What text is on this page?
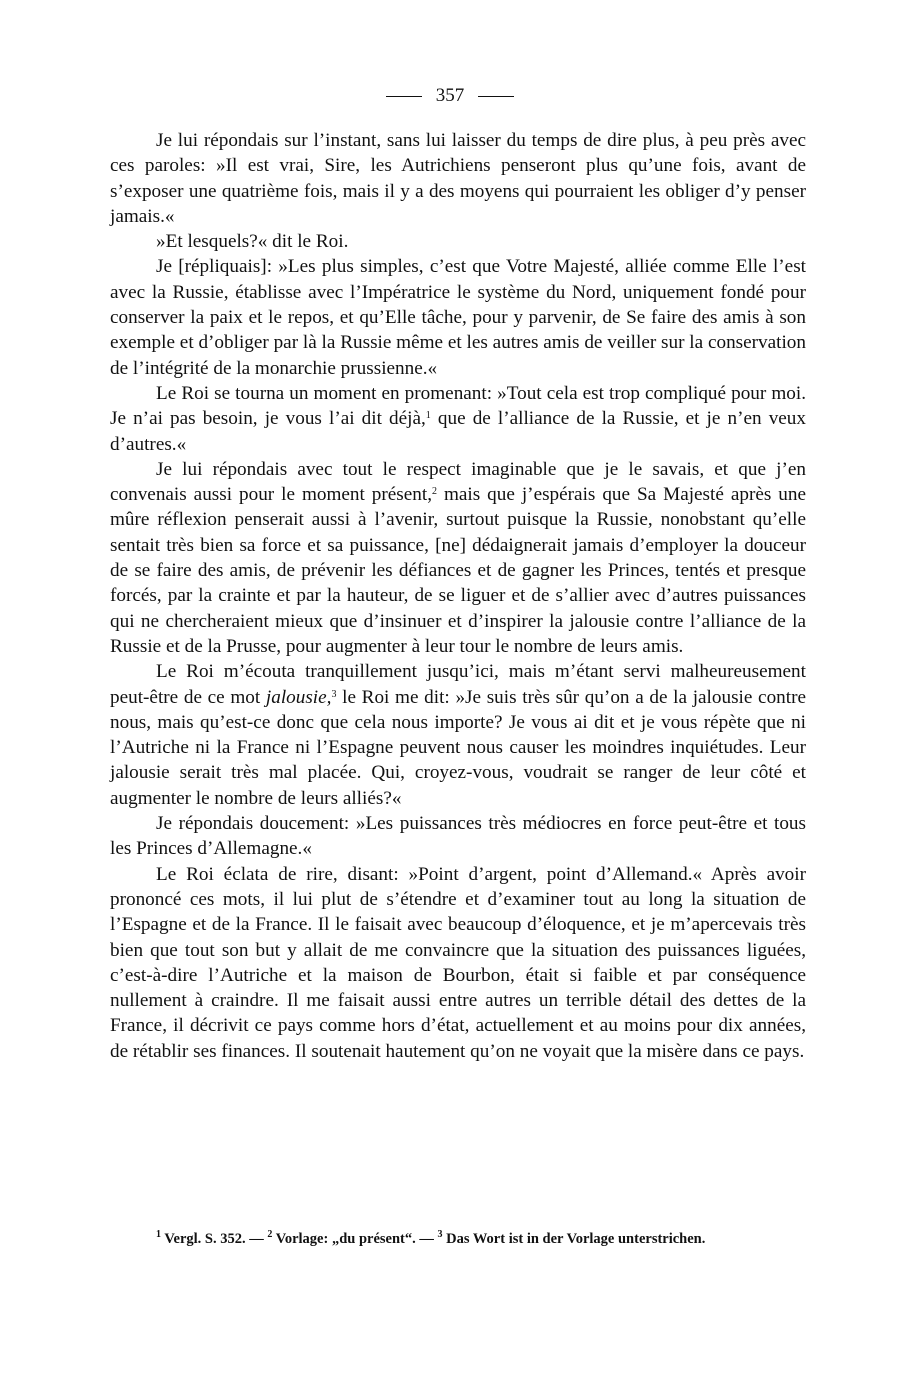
357

Je lui répondais sur l’instant, sans lui laisser du temps de dire plus, à peu près avec ces paroles: »Il est vrai, Sire, les Autrichiens penseront plus qu’une fois, avant de s’exposer une quatrième fois, mais il y a des moyens qui pourraient les obliger d’y penser jamais.«

»Et lesquels?« dit le Roi.

Je [répliquais]: »Les plus simples, c’est que Votre Majesté, alliée comme Elle l’est avec la Russie, établisse avec l’Impératrice le système du Nord, uniquement fondé pour conserver la paix et le repos, et qu’Elle tâche, pour y parvenir, de Se faire des amis à son exemple et d’obliger par là la Russie même et les autres amis de veiller sur la conservation de l’intégrité de la monarchie prussienne.«

Le Roi se tourna un moment en promenant: »Tout cela est trop compliqué pour moi. Je n’ai pas besoin, je vous l’ai dit déjà,$^1$ que de l’alliance de la Russie, et je n’en veux d’autres.«

Je lui répondais avec tout le respect imaginable que je le savais, et que j’en convenais aussi pour le moment présent,$^2$ mais que j’espérais que Sa Majesté après une mûre réflexion penserait aussi à l’avenir, surtout puisque la Russie, nonobstant qu’elle sentait très bien sa force et sa puissance, [ne] dédaignerait jamais d’employer la douceur de se faire des amis, de prévenir les défiances et de gagner les Princes, tentés et presque forcés, par la crainte et par la hauteur, de se liguer et de s’allier avec d’autres puissances qui ne chercheraient mieux que d’insinuer et d’inspirer la jalousie contre l’alliance de la Russie et de la Prusse, pour augmenter à leur tour le nombre de leurs amis.

Le Roi m’écouta tranquillement jusqu’ici, mais m’étant servi malheureusement peut-être de ce mot jalousie,$^3$ le Roi me dit: »Je suis très sûr qu’on a de la jalousie contre nous, mais qu’est-ce donc que cela nous importe? Je vous ai dit et je vous répète que ni l’Autriche ni la France ni l’Espagne peuvent nous causer les moindres inquiétudes. Leur jalousie serait très mal placée. Qui, croyez-vous, voudrait se ranger de leur côté et augmenter le nombre de leurs alliés?«

Je répondais doucement: »Les puissances très médiocres en force peut-être et tous les Princes d’Allemagne.«

Le Roi éclata de rire, disant: »Point d’argent, point d’Allemand.« Après avoir prononcé ces mots, il lui plut de s’étendre et d’examiner tout au long la situation de l’Espagne et de la France. Il le faisait avec beaucoup d’éloquence, et je m’apercevais très bien que tout son but y allait de me convaincre que la situation des puissances liguées, c’est-à-dire l’Autriche et la maison de Bourbon, était si faible et par conséquence nullement à craindre. Il me faisait aussi entre autres un terrible détail des dettes de la France, il décrivit ce pays comme hors d’état, actuellement et au moins pour dix années, de rétablir ses finances. Il soutenait hautement qu’on ne voyait que la misère dans ce pays.

$^1$ Vergl. S. 352. — $^2$ Vorlage: „du présent“. — $^3$ Das Wort ist in der Vorlage unterstrichen.
